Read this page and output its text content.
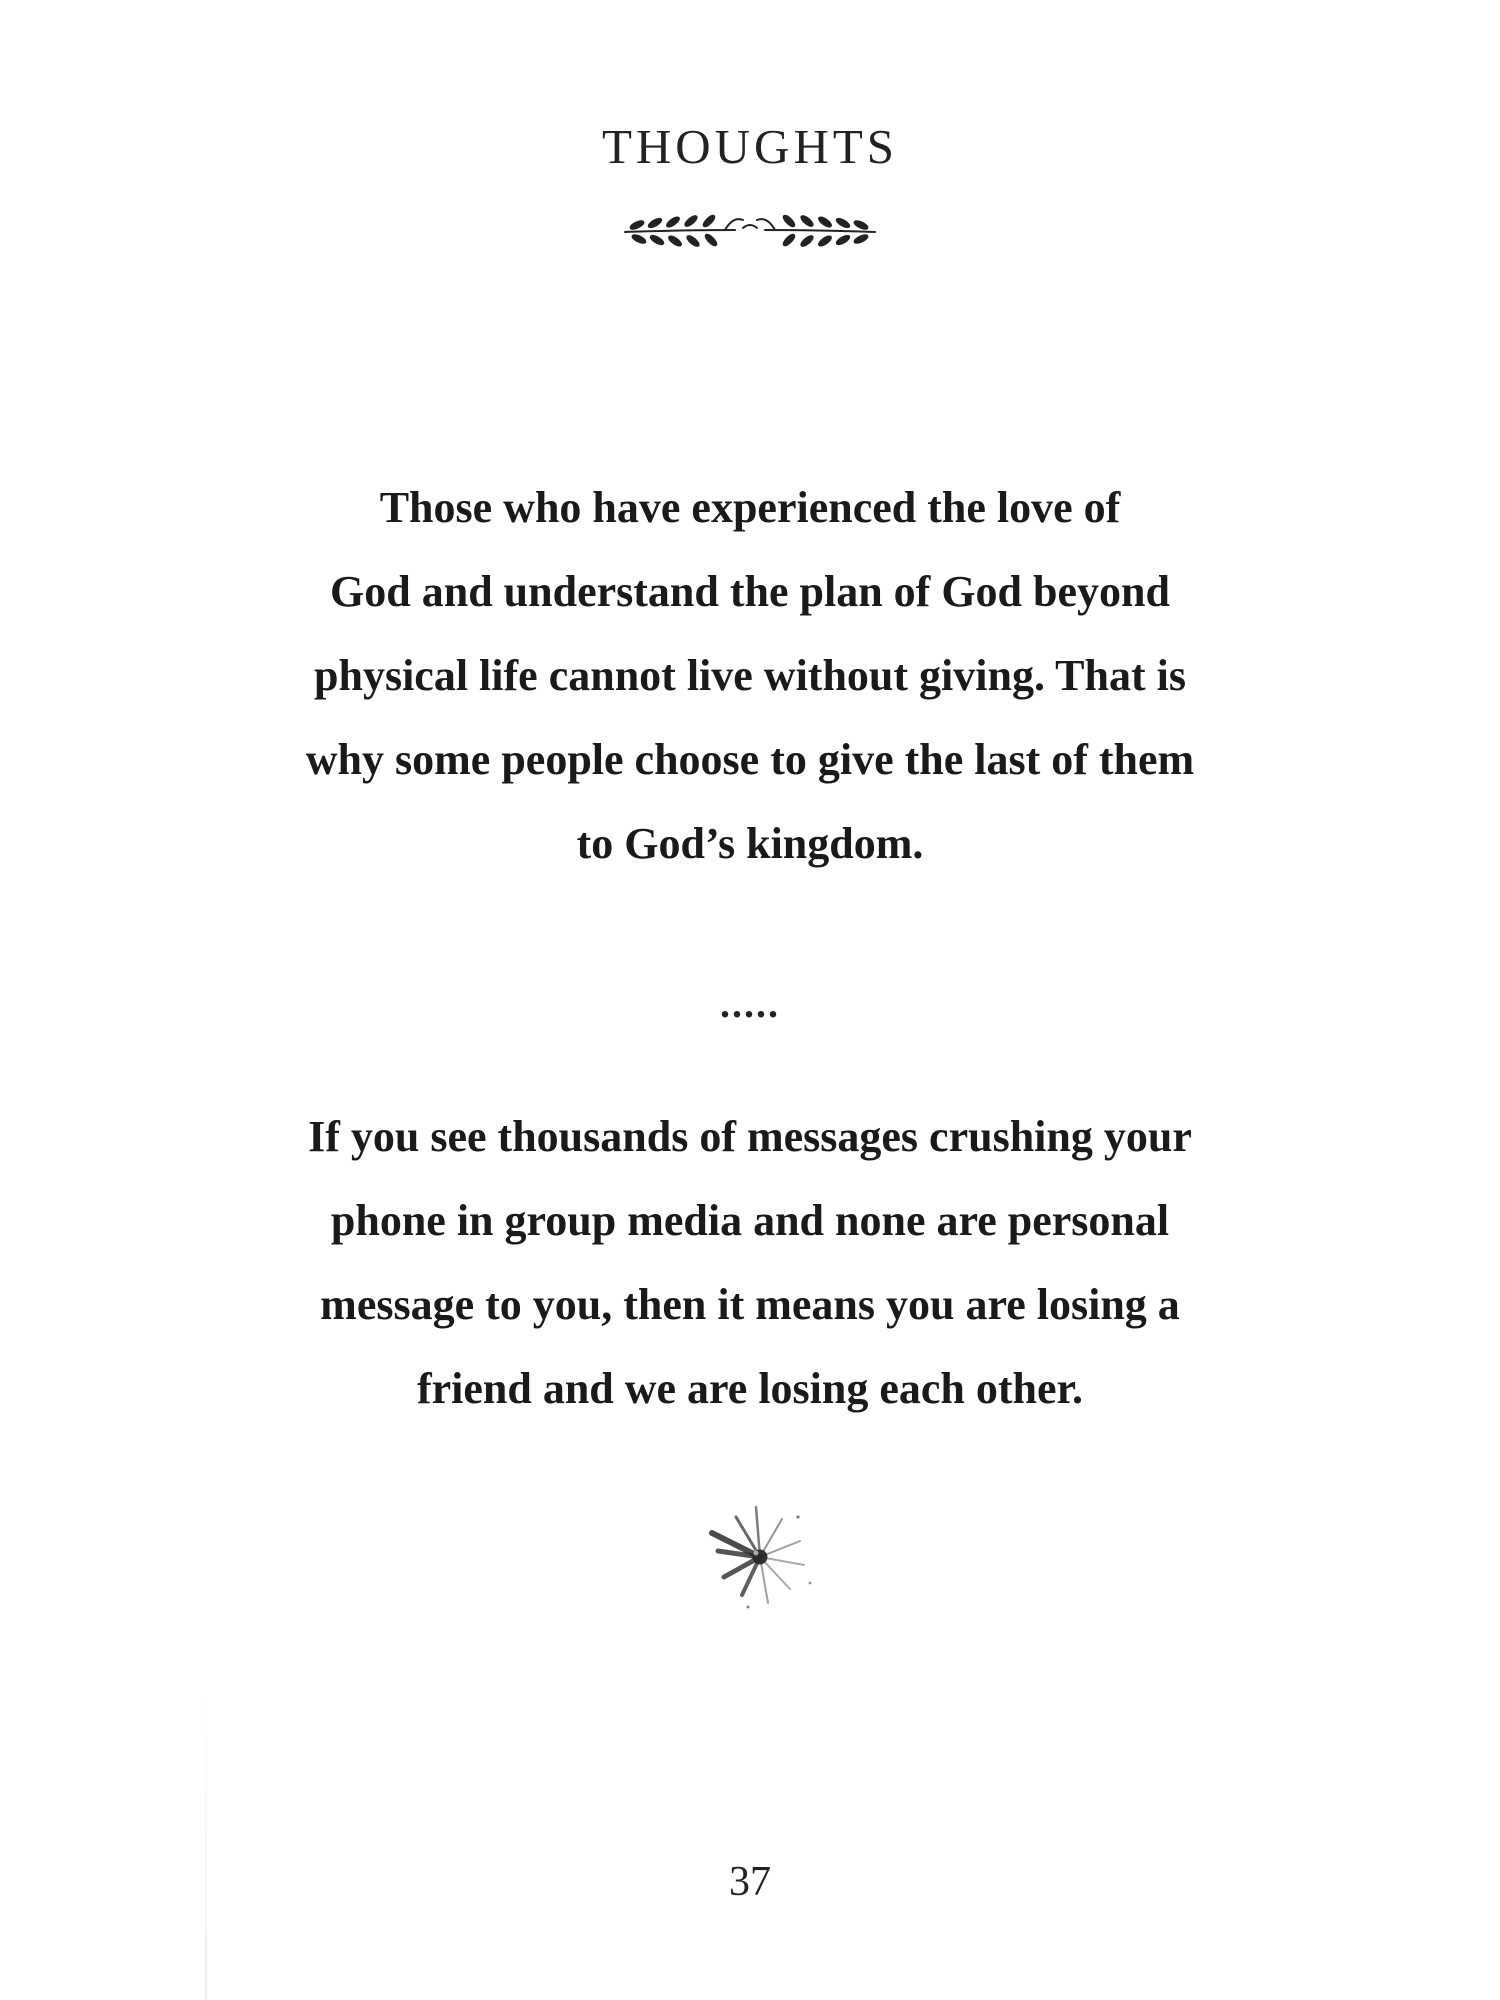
THOUGHTS
Those who have experienced the love of
God and understand the plan of God beyond
physical life cannot live without giving. That is
why some people choose to give the last of them
to God’s kingdom.
.....
If you see thousands of messages crushing your
phone in group media and none are personal
message to you, then it means you are losing a
friend and we are losing each other.
37
